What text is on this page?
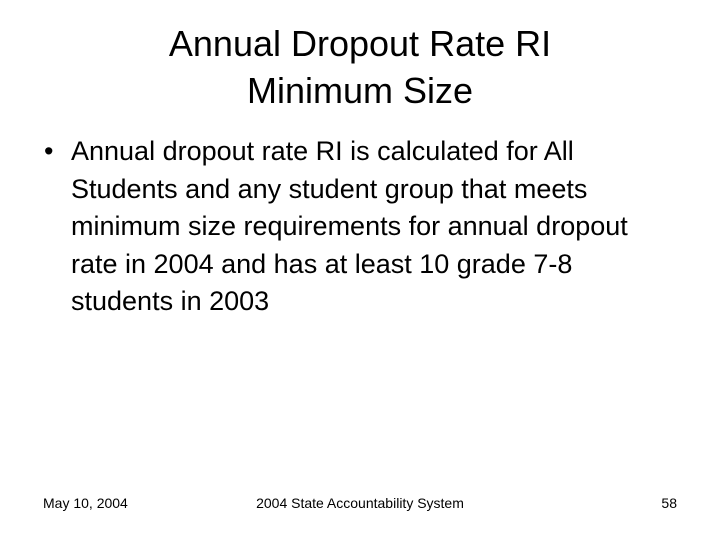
Annual Dropout Rate RI
Minimum Size
• Annual dropout rate RI is calculated for All Students and any student group that meets minimum size requirements for annual dropout rate in 2004 and has at least 10 grade 7-8 students in 2003
May 10, 2004	2004 State Accountability System	58
